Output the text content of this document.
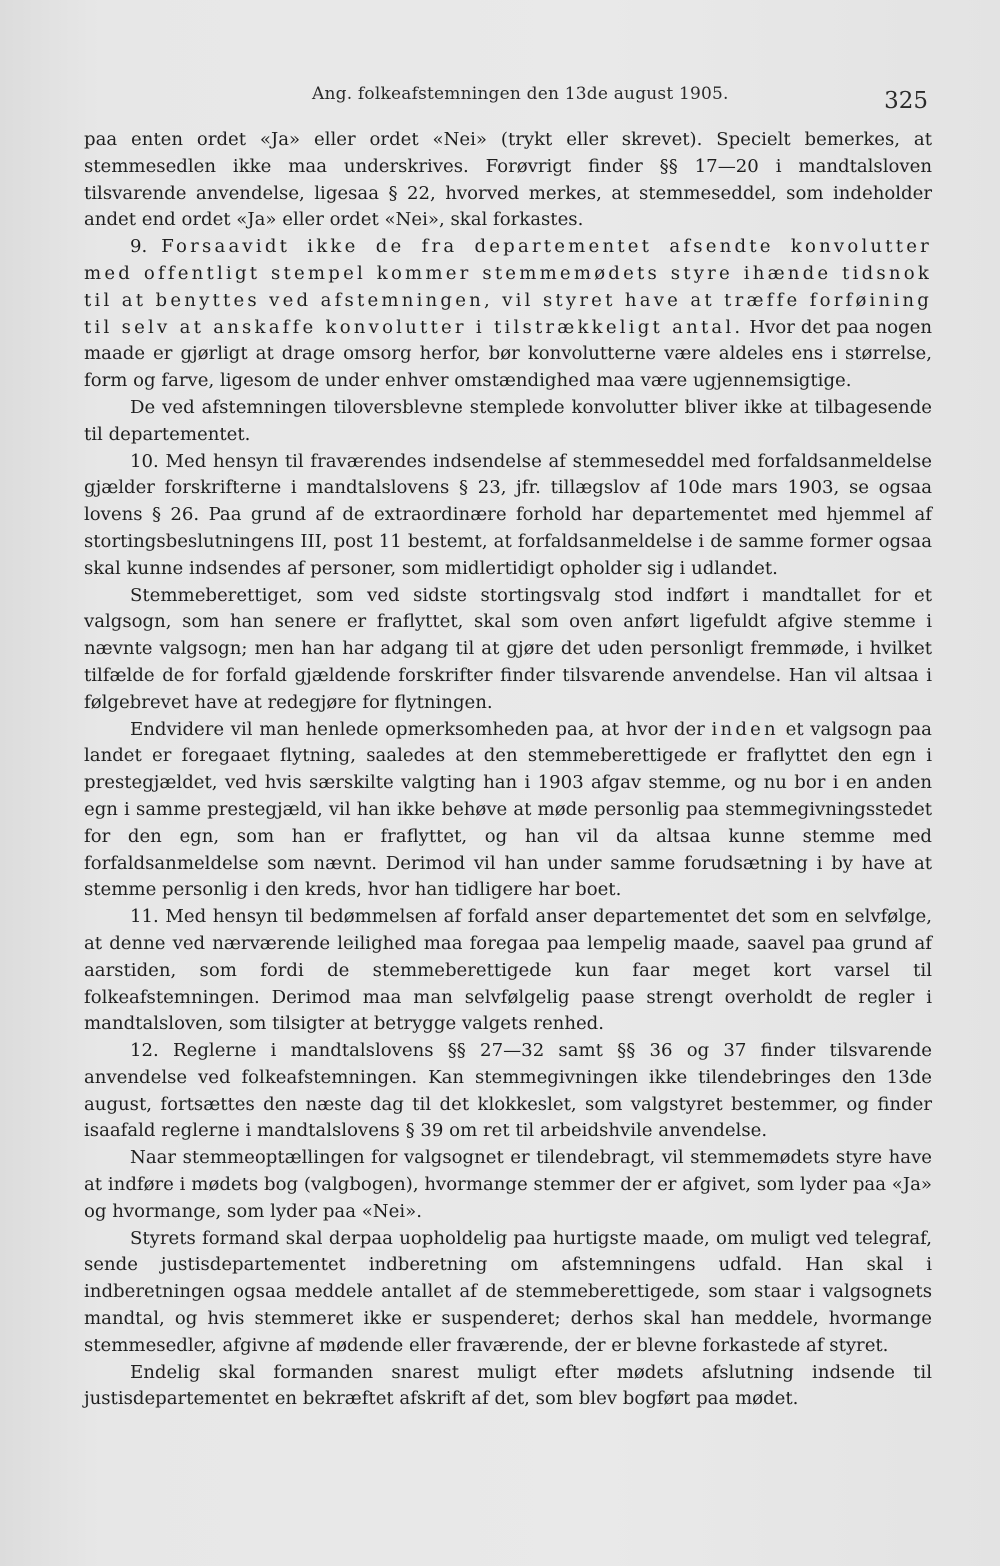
Ang. folkeafstemningen den 13de august 1905.	325

paa enten ordet «Ja» eller ordet «Nei» (trykt eller skrevet). Specielt bemerkes, at stemmesedlen ikke maa underskrives. Forøvrigt finder §§ 17—20 i mandtalsloven tilsvarende anvendelse, ligesaa § 22, hvorved merkes, at stemmeseddel, som indeholder andet end ordet «Ja» eller ordet «Nei», skal forkastes.

9. Forsaavidt ikke de fra departementet afsendte konvolutter med offentligt stempel kommer stemmemødets styre ihænde tidsnok til at benyttes ved afstemningen, vil styret have at træffe forføining til selv at anskaffe konvolutter i tilstrækkeligt antal. Hvor det paa nogen maade er gjørligt at drage omsorg herfor, bør konvolutterne være aldeles ens i størrelse, form og farve, ligesom de under enhver omstændighed maa være ugjennemsigtige.

De ved afstemningen tiloversblevne stemplede konvolutter bliver ikke at tilbagesende til departementet.

10. Med hensyn til fraværendes indsendelse af stemmeseddel med forfaldsanmeldelse gjælder forskrifterne i mandtalslovens § 23, jfr. tillægslov af 10de mars 1903, se ogsaa lovens § 26. Paa grund af de extraordinære forhold har departementet med hjemmel af stortingsbeslutningens III, post 11 bestemt, at forfaldsanmeldelse i de samme former ogsaa skal kunne indsendes af personer, som midlertidigt opholder sig i udlandet.

Stemmeberettiget, som ved sidste stortingsvalg stod indført i mandtallet for et valgsogn, som han senere er fraflyttet, skal som oven anført ligefuldt afgive stemme i nævnte valgsogn; men han har adgang til at gjøre det uden personligt fremmøde, i hvilket tilfælde de for forfald gjældende forskrifter finder tilsvarende anvendelse. Han vil altsaa i følgebrevet have at redegjøre for flytningen.

Endvidere vil man henlede opmerksomheden paa, at hvor der inden et valgsogn paa landet er foregaaet flytning, saaledes at den stemmeberettigede er fraflyttet den egn i prestegjældet, ved hvis særskilte valgting han i 1903 afgav stemme, og nu bor i en anden egn i samme prestegjæld, vil han ikke behøve at møde personlig paa stemmegivningsstedet for den egn, som han er fraflyttet, og han vil da altsaa kunne stemme med forfaldsanmeldelse som nævnt. Derimod vil han under samme forudsætning i by have at stemme personlig i den kreds, hvor han tidligere har boet.

11. Med hensyn til bedømmelsen af forfald anser departementet det som en selvfølge, at denne ved nærværende leilighed maa foregaa paa lempelig maade, saavel paa grund af aarstiden, som fordi de stemmeberettigede kun faar meget kort varsel til folkeafstemningen. Derimod maa man selvfølgelig paase strengt overholdt de regler i mandtalsloven, som tilsigter at betrygge valgets renhed.

12. Reglerne i mandtalslovens §§ 27—32 samt §§ 36 og 37 finder tilsvarende anvendelse ved folkeafstemningen. Kan stemmegivningen ikke tilendebringes den 13de august, fortsættes den næste dag til det klokkeslet, som valgstyret bestemmer, og finder isaafald reglerne i mandtalslovens § 39 om ret til arbeidshvile anvendelse.

Naar stemmeoptællingen for valgsognet er tilendebragt, vil stemmemødets styre have at indføre i mødets bog (valgbogen), hvormange stemmer der er afgivet, som lyder paa «Ja» og hvormange, som lyder paa «Nei».

Styrets formand skal derpaa uopholdelig paa hurtigste maade, om muligt ved telegraf, sende justisdepartementet indberetning om afstemningens udfald. Han skal i indberetningen ogsaa meddele antallet af de stemmeberettigede, som staar i valgsognets mandtal, og hvis stemmeret ikke er suspenderet; derhos skal han meddele, hvormange stemmesedler, afgivne af mødende eller fraværende, der er blevne forkastede af styret.

Endelig skal formanden snarest muligt efter mødets afslutning indsende til justisdepartementet en bekræftet afskrift af det, som blev bogført paa mødet.
